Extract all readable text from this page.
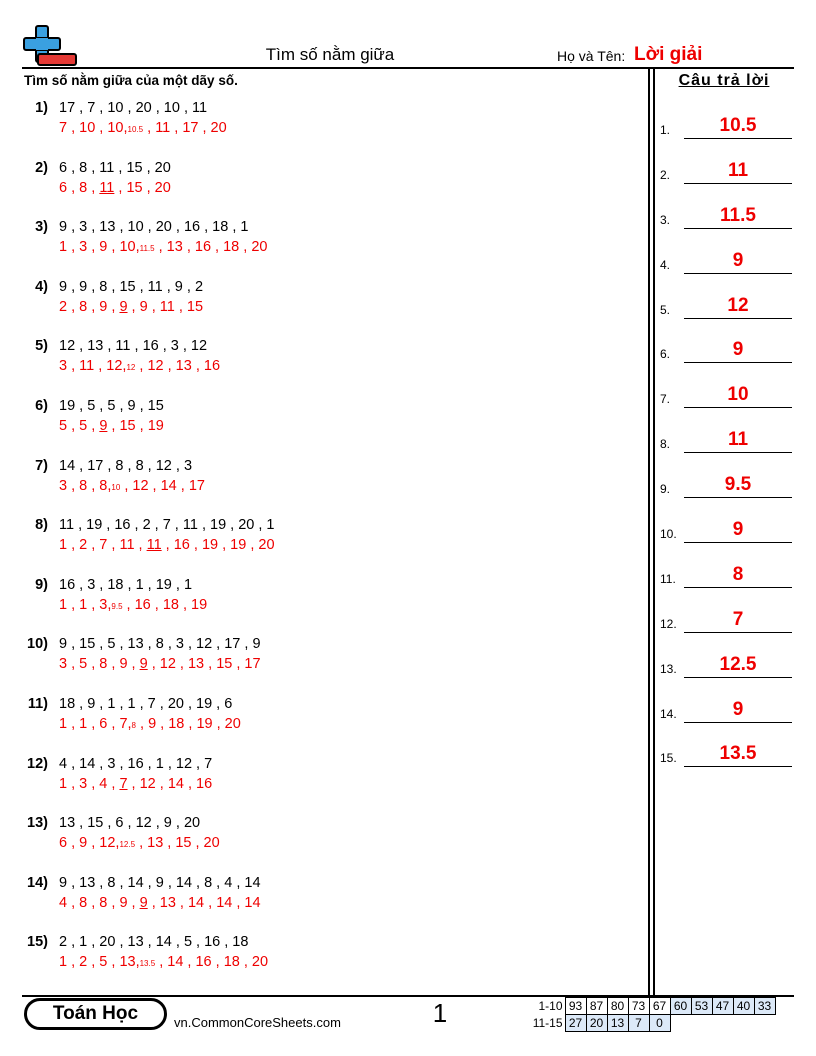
Tìm số nằm giữa	Họ và Tên: Lời giải
Tìm số nằm giữa của một dãy số.	Câu trả lời
1) 17 , 7 , 10 , 20 , 10 , 11
7 , 10 , 10,10.5 , 11 , 17 , 20
2) 6 , 8 , 11 , 15 , 20
6 , 8 , 11 , 15 , 20
3) 9 , 3 , 13 , 10 , 20 , 16 , 18 , 1
1 , 3 , 9 , 10,11.5 , 13 , 16 , 18 , 20
4) 9 , 9 , 8 , 15 , 11 , 9 , 2
2 , 8 , 9 , 9 , 9 , 11 , 15
5) 12 , 13 , 11 , 16 , 3 , 12
3 , 11 , 12,12 , 12 , 13 , 16
6) 19 , 5 , 5 , 9 , 15
5 , 5 , 9 , 15 , 19
7) 14 , 17 , 8 , 8 , 12 , 3
3 , 8 , 8,10 , 12 , 14 , 17
8) 11 , 19 , 16 , 2 , 7 , 11 , 19 , 20 , 1
1 , 2 , 7 , 11 , 11 , 16 , 19 , 19 , 20
9) 16 , 3 , 18 , 1 , 19 , 1
1 , 1 , 3,9.5 , 16 , 18 , 19
10) 9 , 15 , 5 , 13 , 8 , 3 , 12 , 17 , 9
3 , 5 , 8 , 9 , 9 , 12 , 13 , 15 , 17
11) 18 , 9 , 1 , 1 , 7 , 20 , 19 , 6
1 , 1 , 6 , 7,8 , 9 , 18 , 19 , 20
12) 4 , 14 , 3 , 16 , 1 , 12 , 7
1 , 3 , 4 , 7 , 12 , 14 , 16
13) 13 , 15 , 6 , 12 , 9 , 20
6 , 9 , 12,12.5 , 13 , 15 , 20
14) 9 , 13 , 8 , 14 , 9 , 14 , 8 , 4 , 14
4 , 8 , 8 , 9 , 9 , 13 , 14 , 14 , 14
15) 2 , 1 , 20 , 13 , 14 , 5 , 16 , 18
1 , 2 , 5 , 13,13.5 , 14 , 16 , 18 , 20
1.	10.5
2.	11
3.	11.5
4.	9
5.	12
6.	9
7.	10
8.	11
9.	9.5
10.	9
11.	8
12.	7
13.	12.5
14.	9
15.	13.5
Toán Học	vn.CommonCoreSheets.com	1	1-10	93	87	80	73	67	60	53	47	40	33
11-15	27	20	13	7	0
